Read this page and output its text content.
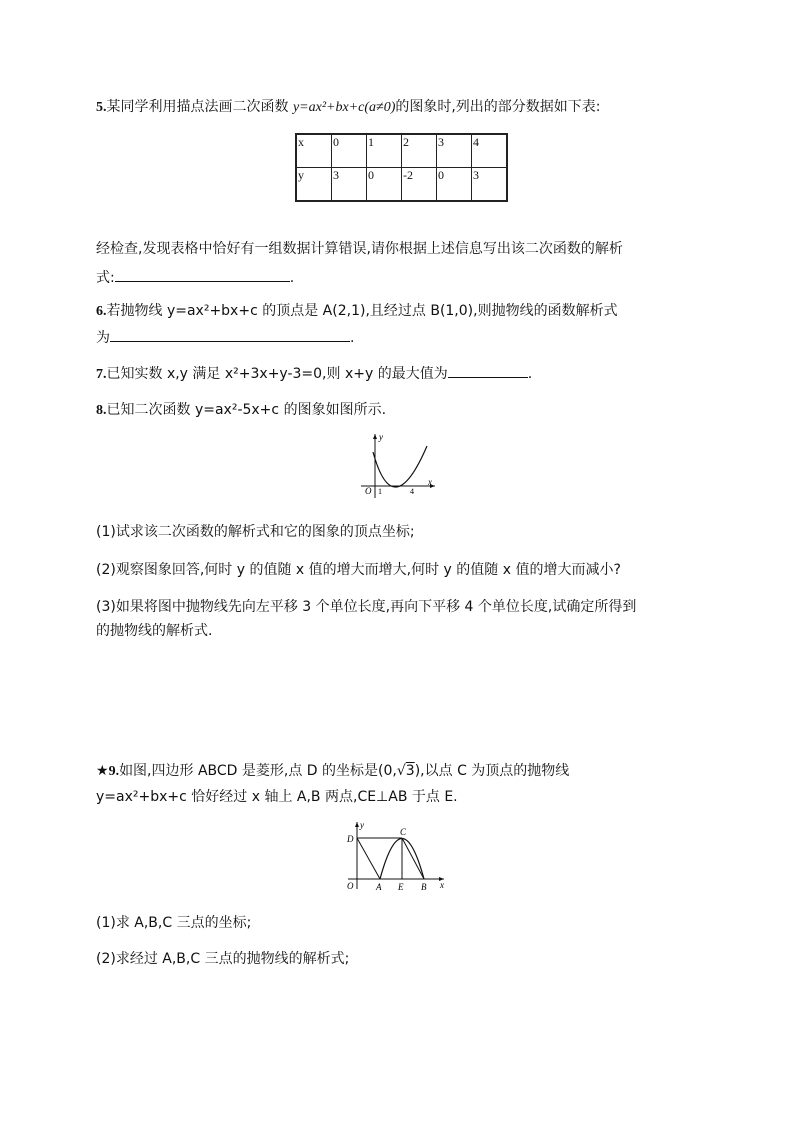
5.某同学利用描点法画二次函数 y=ax²+bx+c(a≠0)的图象时,列出的部分数据如下表:
x	0	1	2	3	4
y	3	0	-2	0	3
经检查,发现表格中恰好有一组数据计算错误,请你根据上述信息写出该二次函数的解析
式:	.
6.若抛物线 y=ax²+bx+c 的顶点是 A(2,1),且经过点 B(1,0),则抛物线的函数解析式
为	.
7.已知实数 x,y 满足 x²+3x+y-3=0,则 x+y 的最大值为	.
8.已知二次函数 y=ax²-5x+c 的图象如图所示.
y
x
O 1	4
(1)试求该二次函数的解析式和它的图象的顶点坐标;
(2)观察图象回答,何时 y 的值随 x 值的增大而增大,何时 y 的值随 x 值的增大而减小?
(3)如果将图中抛物线先向左平移 3 个单位长度,再向下平移 4 个单位长度,试确定所得到
的抛物线的解析式.
★9.如图,四边形 ABCD 是菱形,点 D 的坐标是(0,√3),以点 C 为顶点的抛物线
y=ax²+bx+c 恰好经过 x 轴上 A,B 两点,CE⊥AB 于点 E.
y
x
O	A E B
C
D
(1)求 A,B,C 三点的坐标;
(2)求经过 A,B,C 三点的抛物线的解析式;
